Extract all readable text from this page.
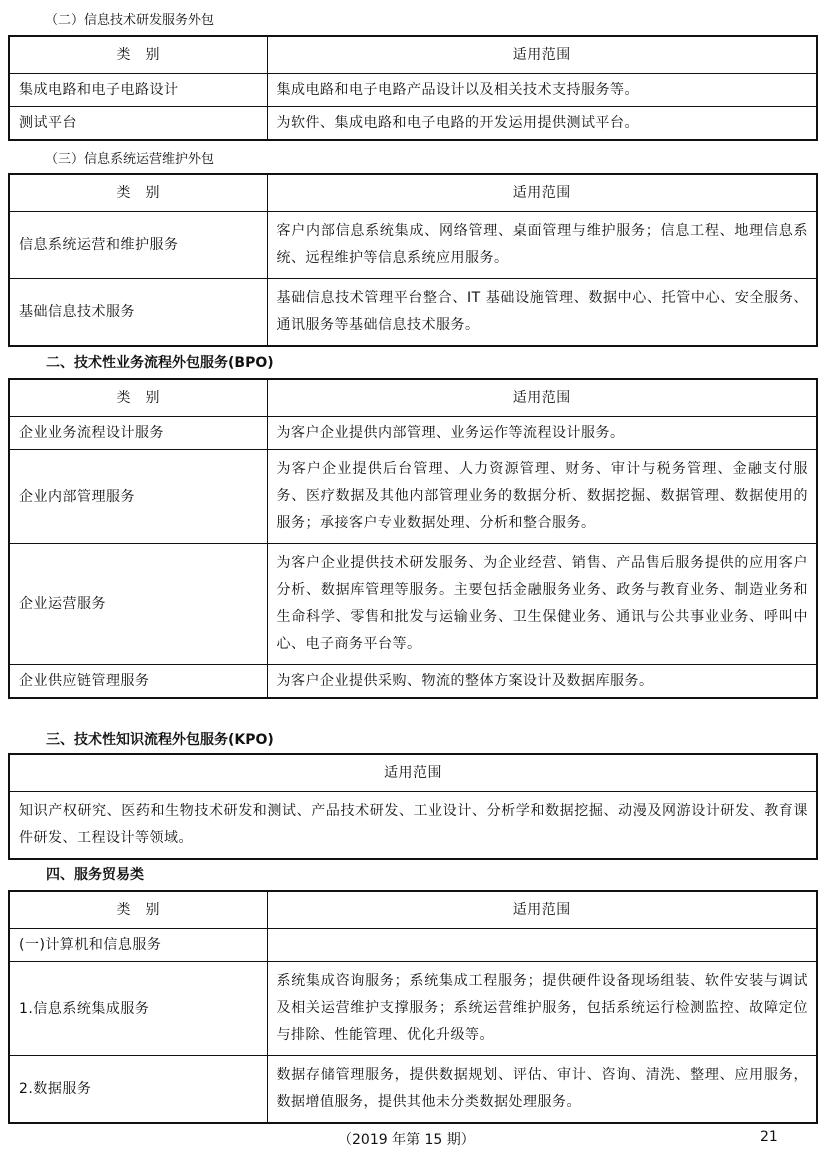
（二）信息技术研发服务外包
类　别	适用范围
集成电路和电子电路设计	集成电路和电子电路产品设计以及相关技术支持服务等。
测试平台	为软件、集成电路和电子电路的开发运用提供测试平台。
（三）信息系统运营维护外包
类　别	适用范围
信息系统运营和维护服务	客户内部信息系统集成、网络管理、桌面管理与维护服务；信息工程、地理信息系统、远程维护等信息系统应用服务。
基础信息技术服务	基础信息技术管理平台整合、IT 基础设施管理、数据中心、托管中心、安全服务、通讯服务等基础信息技术服务。
二、技术性业务流程外包服务(BPO)
类　别	适用范围
企业业务流程设计服务	为客户企业提供内部管理、业务运作等流程设计服务。
企业内部管理服务	为客户企业提供后台管理、人力资源管理、财务、审计与税务管理、金融支付服务、医疗数据及其他内部管理业务的数据分析、数据挖掘、数据管理、数据使用的服务；承接客户专业数据处理、分析和整合服务。
企业运营服务	为客户企业提供技术研发服务、为企业经营、销售、产品售后服务提供的应用客户分析、数据库管理等服务。主要包括金融服务业务、政务与教育业务、制造业务和生命科学、零售和批发与运输业务、卫生保健业务、通讯与公共事业业务、呼叫中心、电子商务平台等。
企业供应链管理服务	为客户企业提供采购、物流的整体方案设计及数据库服务。
三、技术性知识流程外包服务(KPO)
适用范围
知识产权研究、医药和生物技术研发和测试、产品技术研发、工业设计、分析学和数据挖掘、动漫及网游设计研发、教育课件研发、工程设计等领域。
四、服务贸易类
类　别	适用范围
(一)计算机和信息服务	
1.信息系统集成服务	系统集成咨询服务；系统集成工程服务；提供硬件设备现场组装、软件安装与调试及相关运营维护支撑服务；系统运营维护服务，包括系统运行检测监控、故障定位与排除、性能管理、优化升级等。
2.数据服务	数据存储管理服务，提供数据规划、评估、审计、咨询、清洗、整理、应用服务，数据增值服务，提供其他未分类数据处理服务。
（2019 年第 15 期）	21
